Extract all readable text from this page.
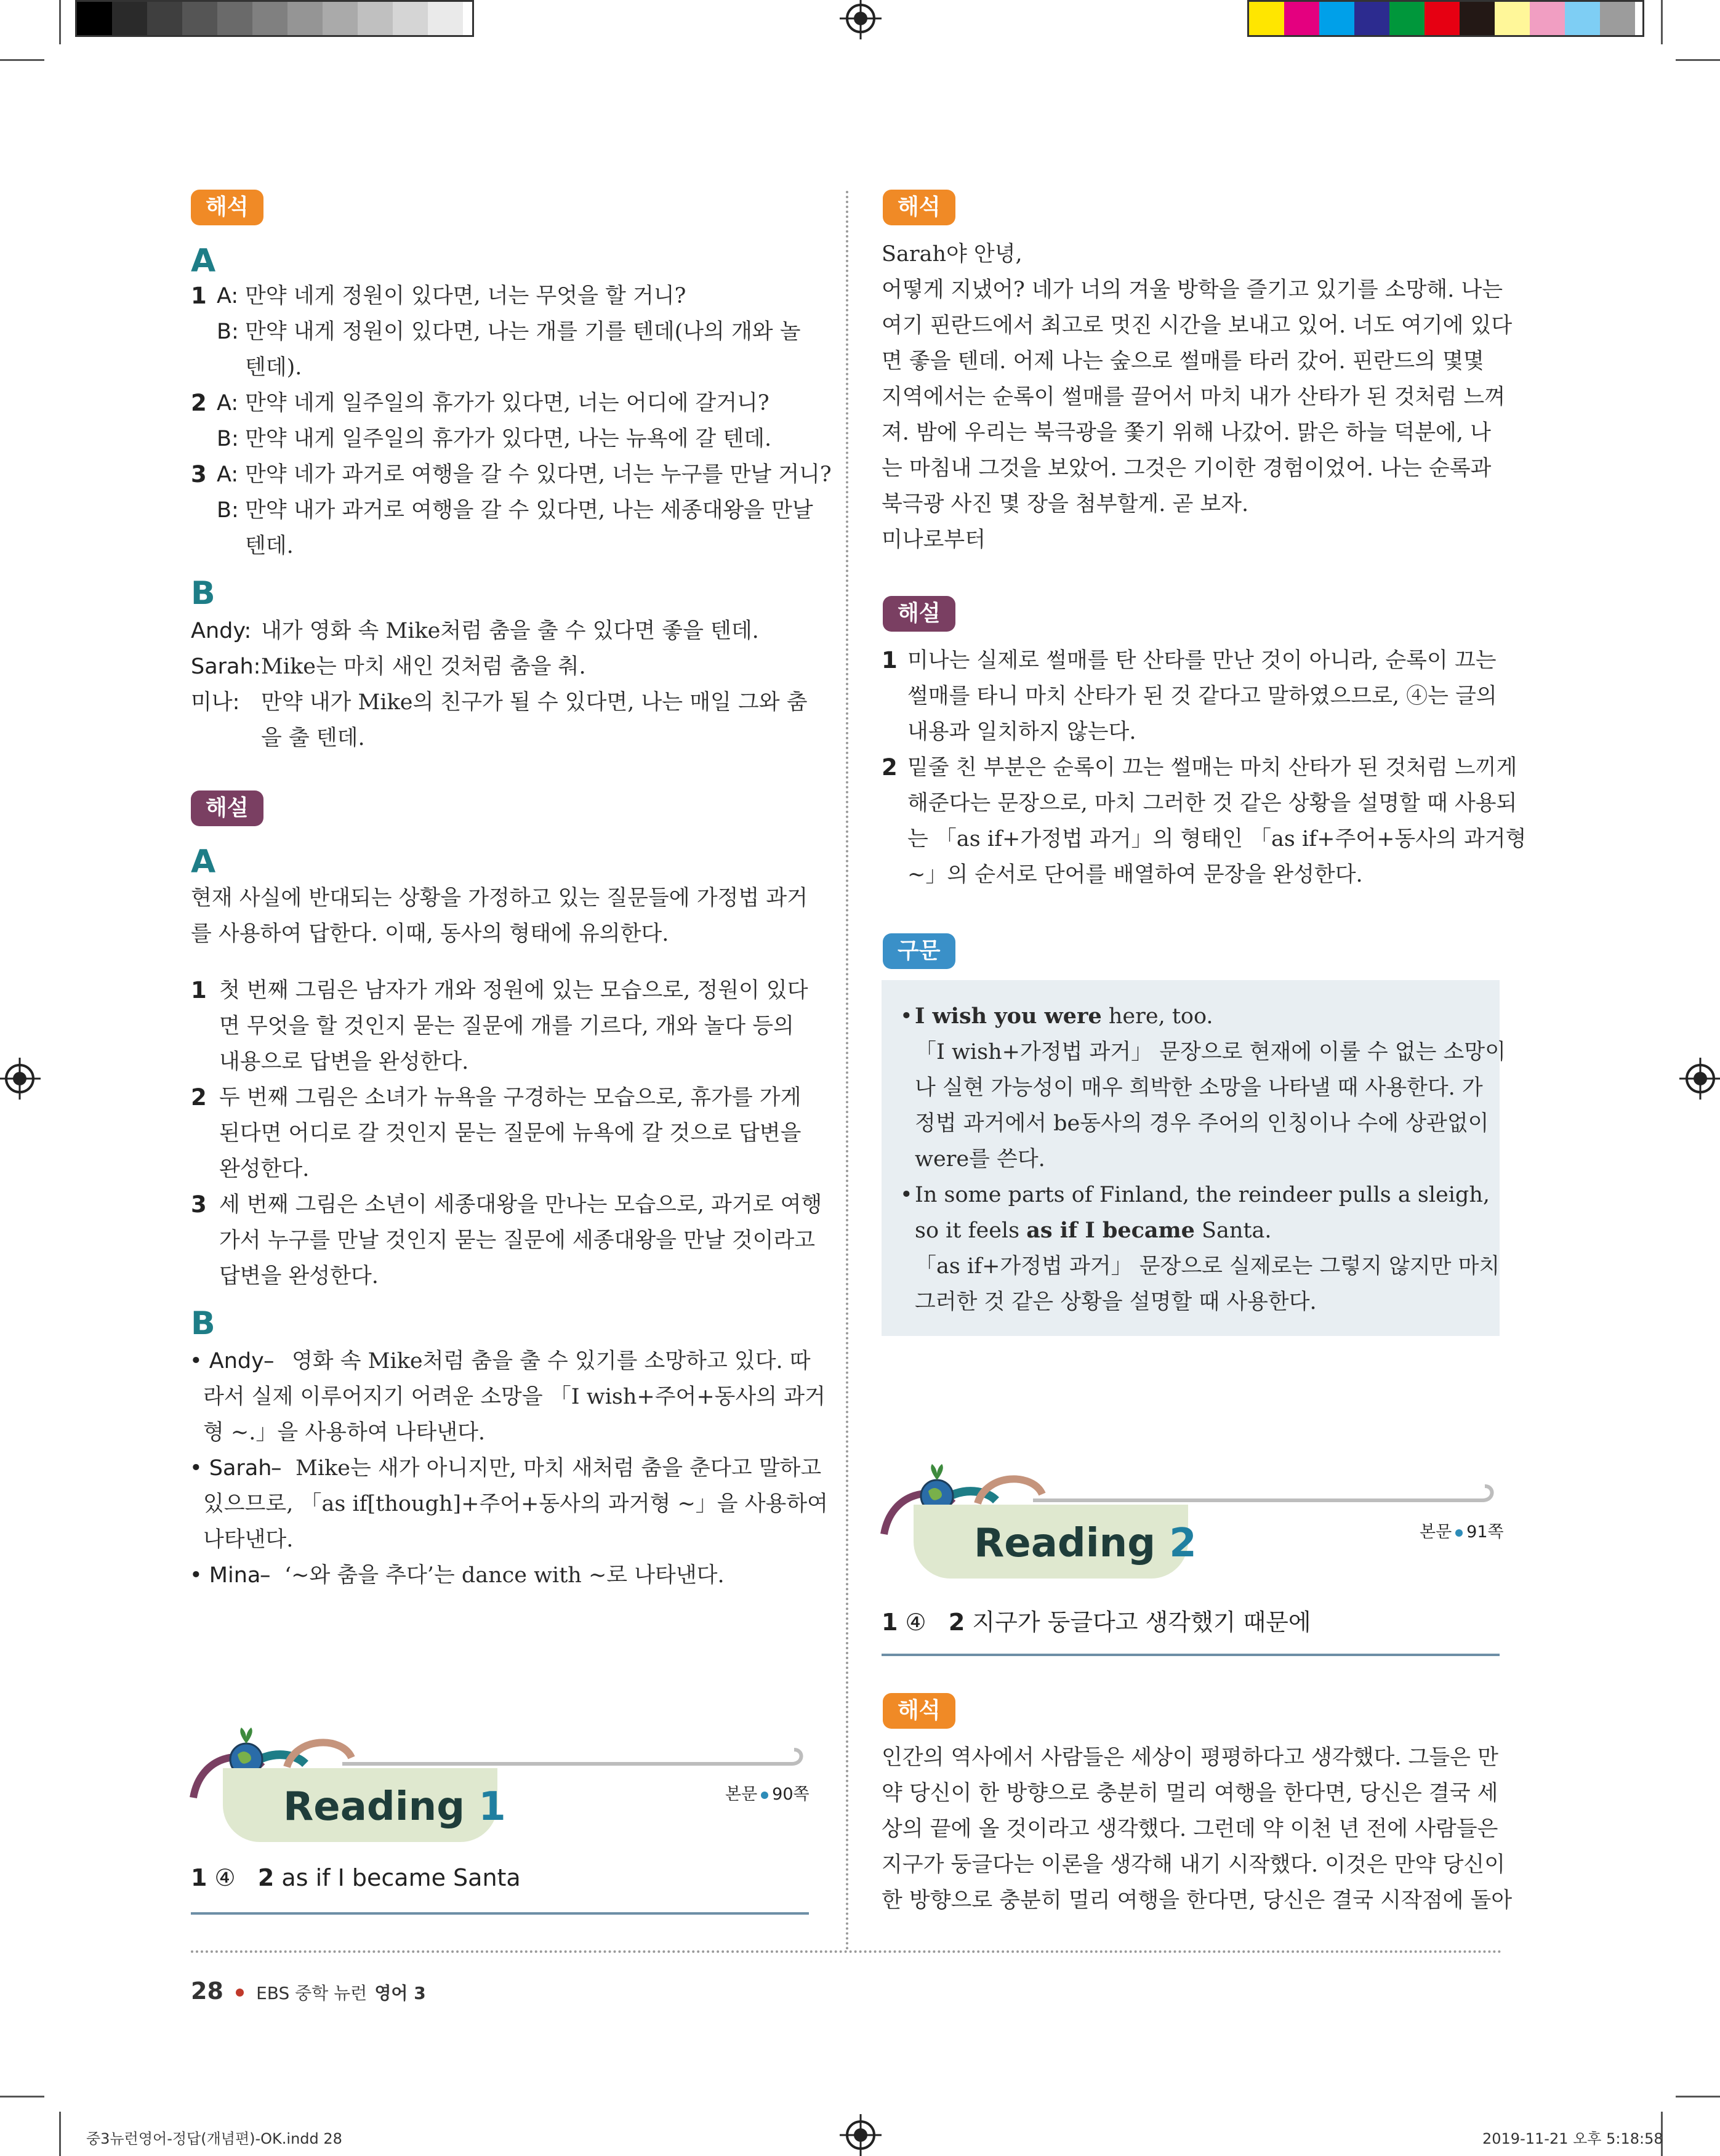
해석
A
1 A: 만약 네게 정원이 있다면, 너는 무엇을 할 거니?
B: 만약 내게 정원이 있다면, 나는 개를 기를 텐데(나의 개와 놀
텐데).
2 A: 만약 네게 일주일의 휴가가 있다면, 너는 어디에 갈거니?
B: 만약 내게 일주일의 휴가가 있다면, 나는 뉴욕에 갈 텐데.
3 A: 만약 네가 과거로 여행을 갈 수 있다면, 너는 누구를 만날 거니?
B: 만약 내가 과거로 여행을 갈 수 있다면, 나는 세종대왕을 만날
텐데.
B
Andy: 내가 영화 속 Mike처럼 춤을 출 수 있다면 좋을 텐데.
Sarah: Mike는 마치 새인 것처럼 춤을 춰.
미나: 만약 내가 Mike의 친구가 될 수 있다면, 나는 매일 그와 춤
을 출 텐데.
해설
A
현재 사실에 반대되는 상황을 가정하고 있는 질문들에 가정법 과거
를 사용하여 답한다. 이때, 동사의 형태에 유의한다.
1 첫 번째 그림은 남자가 개와 정원에 있는 모습으로, 정원이 있다
면 무엇을 할 것인지 묻는 질문에 개를 기르다, 개와 놀다 등의
내용으로 답변을 완성한다.
2 두 번째 그림은 소녀가 뉴욕을 구경하는 모습으로, 휴가를 가게
된다면 어디로 갈 것인지 묻는 질문에 뉴욕에 갈 것으로 답변을
완성한다.
3 세 번째 그림은 소년이 세종대왕을 만나는 모습으로, 과거로 여행
가서 누구를 만날 것인지 묻는 질문에 세종대왕을 만날 것이라고
답변을 완성한다.
B
• Andy – 영화 속 Mike처럼 춤을 출 수 있기를 소망하고 있다. 따
라서 실제 이루어지기 어려운 소망을 「I wish+주어+동사의 과거
형 ~.」을 사용하여 나타낸다.
• Sarah
– Mike는 새가 아니지만, 마치 새처럼 춤을 춘다고 말하고
있으므로, 「as if[though]+주어+동사의 과거형 ~」을 사용하여
나타낸다.
• Mina
– ‘~와 춤을 추다’는 dance with ~로 나타낸다.
Reading 1	본문 90쪽
1 ④ 2 as if I became Santa
해석
Sarah야 안녕,
어떻게 지냈어? 네가 너의 겨울 방학을 즐기고 있기를 소망해. 나는
여기 핀란드에서 최고로 멋진 시간을 보내고 있어. 너도 여기에 있다
면 좋을 텐데. 어제 나는 숲으로 썰매를 타러 갔어. 핀란드의 몇몇
지역에서는 순록이 썰매를 끌어서 마치 내가 산타가 된 것처럼 느껴
져. 밤에 우리는 북극광을 쫓기 위해 나갔어. 맑은 하늘 덕분에, 나
는 마침내 그것을 보았어. 그것은 기이한 경험이었어. 나는 순록과
북극광 사진 몇 장을 첨부할게. 곧 보자.
미나로부터
해설
1 미나는 실제로 썰매를 탄 산타를 만난 것이 아니라, 순록이 끄는
썰매를 타니 마치 산타가 된 것 같다고 말하였으므로, ④는 글의
내용과 일치하지 않는다.
2 밑줄 친 부분은 순록이 끄는 썰매는 마치 산타가 된 것처럼 느끼게
해준다는 문장으로, 마치 그러한 것 같은 상황을 설명할 때 사용되
는 「as if+가정법 과거」의 형태인 「as if+주어+동사의 과거형
~」의 순서로 단어를 배열하여 문장을 완성한다.
구문
• I wish you were here, too.
「I wish+가정법 과거」 문장으로 현재에 이룰 수 없는 소망이
나 실현 가능성이 매우 희박한 소망을 나타낼 때 사용한다. 가
정법 과거에서 be동사의 경우 주어의 인칭이나 수에 상관없이
were를 쓴다.
• In some parts of Finland, the reindeer pulls a sleigh,
so it feels as if I became Santa.
「as if+가정법 과거」 문장으로 실제로는 그렇지 않지만 마치
그러한 것 같은 상황을 설명할 때 사용한다.
Reading 2	본문 91쪽
1 ④ 2 지구가 둥글다고 생각했기 때문에
해석
인간의 역사에서 사람들은 세상이 평평하다고 생각했다. 그들은 만
약 당신이 한 방향으로 충분히 멀리 여행을 한다면, 당신은 결국 세
상의 끝에 올 것이라고 생각했다. 그런데 약 이천 년 전에 사람들은
지구가 둥글다는 이론을 생각해 내기 시작했다. 이것은 만약 당신이
한 방향으로 충분히 멀리 여행을 한다면, 당신은 결국 시작점에 돌아
28 EBS 중학 뉴런 영어 3
중3뉴런영어-정답(개념편)-OK.indd 28	2019-11-21 오후 5:18:58
